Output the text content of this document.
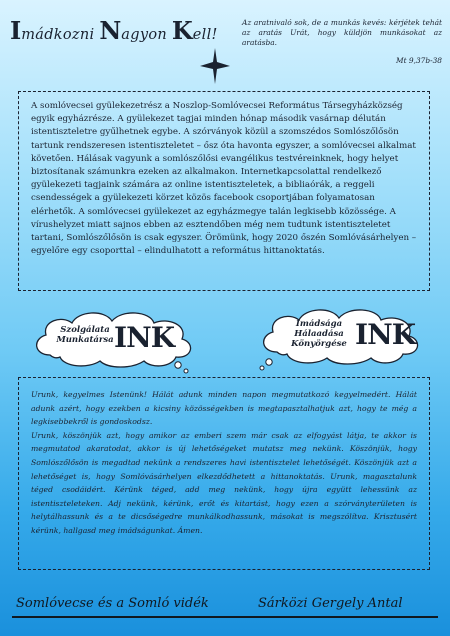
Imádkozni Nagyon Kell!
Az aratnivaló sok, de a munkás kevés: kérjétek tehát az aratás Urát, hogy küldjön munkásokat az aratásba.
Mt 9,37b-38

A somlóvecsei gyülekezetrész a Noszlop-Somlóvecsei Református Társegyházközség egyik egyházrésze. A gyülekezet tagjai minden hónap második vasárnap délután istentiszteletre gyűlhetnek egybe. A szórványok közül a szomszédos Somlószőlősön tartunk rendszeresen istentiszteletet – ősz óta havonta egyszer, a somlóvecsei alkalmat követően. Hálásak vagyunk a somlószőlősi evangélikus testvéreinknek, hogy helyet biztosítanak számunkra ezeken az alkalmakon. Internetkapcsolattal rendelkező gyülekezeti tagjaink számára az online istentiszteletek, a bibliaórák, a reggeli csendességek a gyülekezeti körzet közös facebook csoportjában folyamatosan elérhetők. A somlóvecsei gyülekezet az egyházmegye talán legkisebb közössége. A vírushelyzet miatt sajnos ebben az esztendőben még nem tudtunk istentiszteletet tartani, Somlószőlősön is csak egyszer. Örömünk, hogy 2020 őszén Somlóvásárhelyen – egyelőre egy csoporttal – elindulhatott a református hittanoktatás.

Szolgálata
Munkatársa INK	Imádsága
Hálaadása
Könyörgése INK

Urunk, kegyelmes Istenünk! Hálát adunk minden napon megmutatkozó kegyelmedért. Hálát adunk azért, hogy ezekben a kicsiny közösségekben is megtapasztalhatjuk azt, hogy te még a legkisebbekről is gondoskodsz.

Urunk, köszönjük azt, hogy amikor az emberi szem már csak az elfogyást látja, te akkor is megmutatod akaratodat, akkor is új lehetőségeket mutatsz meg nekünk. Köszönjük, hogy Somlószőlősön is megadtad nekünk a rendszeres havi istentisztelet lehetőségét. Köszönjük azt a lehetőséget is, hogy Somlóvásárhelyen elkezdődhetett a hittanoktatás. Urunk, magasztalunk téged csodáidért. Kérünk téged, add meg nekünk, hogy újra együtt lehessünk az istentiszteleteken. Adj nekünk, kérünk, erőt és kitartást, hogy ezen a szórványterületen is helytálhassunk és a te dicsőségedre munkálkodhassunk, másokat is megszólítva. Krisztusért kérünk, hallgasd meg imádságunkat. Ámen.

Somlóvecse és a Somló vidék	Sárközi Gergely Antal
